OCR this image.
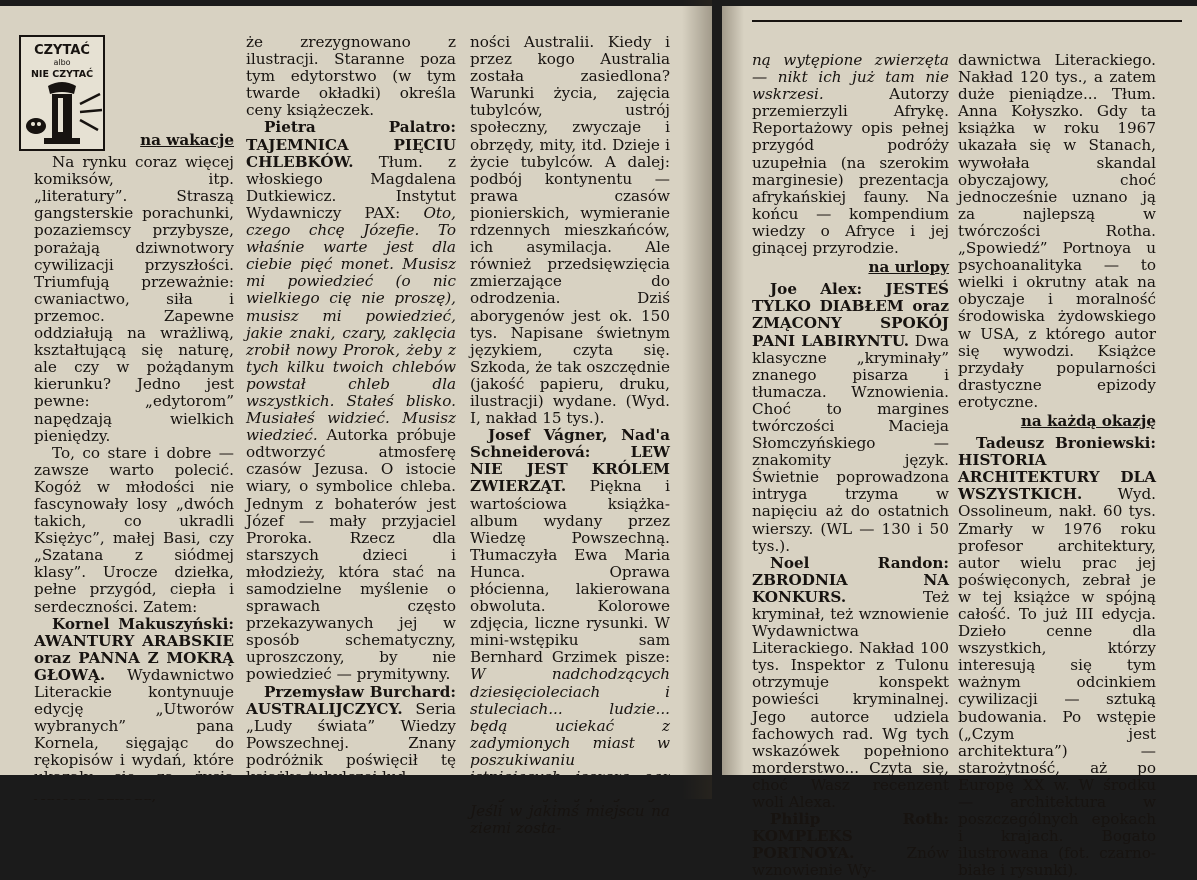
CZYTAĆ
albo
NIE CZYTAĆ

na wakacje

Na rynku coraz więcej komiksów, itp. „literatury”. Straszą gangsterskie porachunki, pozaziemscy przybysze, porażają dziwnotwory cywilizacji przyszłości. Triumfują przeważnie: cwaniactwo, siła i przemoc. Zapewne oddziałują na wrażliwą, kształtującą się naturę, ale czy w pożądanym kierunku? Jedno jest pewne: „edytorom” napędzają wielkich pieniędzy.

To, co stare i dobre — zawsze warto polecić. Kogóż w młodości nie fascynowały losy „dwóch takich, co ukradli Księżyc”, małej Basi, czy „Szatana z siódmej klasy”. Urocze dziełka, pełne przygód, ciepła i serdeczności. Zatem:

Kornel Makuszyński: AWANTURY ARABSKIE oraz PANNA Z MOKRĄ GŁOWĄ. Wydawnictwo Literackie kontynuuje edycję „Utworów wybranych” pana Kornela, sięgając do rękopisów i wydań, które

że zrezygnowano z ilustracji. Staranne poza tym edytorstwo (w tym twarde okładki) określa ceny książeczek.

Pietra Palatro: TAJEMNICA PIĘCIU CHLEBKÓW. Tłum. z włoskiego Magdalena Dutkiewicz. Instytut Wydawniczy PAX: Oto, czego chcę Józefie. To właśnie warte jest dla ciebie pięć monet. Musisz mi powiedzieć (o nic wielkiego cię nie proszę), musisz mi powiedzieć, jakie znaki, czary, zaklęcia zrobił nowy Prorok, żeby z tych kilku twoich chlebów powstał chleb dla wszystkich. Stałeś blisko. Musiałeś widzieć. Musisz wiedzieć. Autorka próbuje odtworzyć atmosferę czasów Jezusa. O istocie wiary, o symbolice chleba. Jednym z bohaterów jest Józef — mały przyjaciel Proroka. Rzecz dla starszych dzieci i młodzieży, która stać na samodzielne myślenie o sprawach często przekazywanych jej w sposób schematyczny, uproszczony, by nie powiedzieć — prymitywny.

Przemysław Burchard: AUSTRALIJCZYCY. Seria „Ludy świata” Wiedzy Powszechnej. Znany podróżnik poświęcił tę

ności Australii. Kiedy i przez kogo Australia została zasiedlona? Warunki życia, zajęcia tubylców, ustrój społeczny, zwyczaje i obrzędy, mity, itd. Dzieje i życie tubylców. A dalej: podbój kontynentu — prawa czasów pionierskich, wymieranie rdzennych mieszkańców, ich asymilacja. Ale również przedsięwzięcia zmierzające do odrodzenia. Dziś aborygenów jest ok. 150 tys. Napisane świetnym językiem, czyta się. Szkoda, że tak oszczędnie (jakość papieru, druku, ilustracji) wydane. (Wyd. I, nakład 15 tys.).

Josef Vágner, Nad'a Schneiderová: LEW NIE JEST KRÓLEM ZWIERZĄT. Piękna i wartościowa książka-album wydany przez Wiedzę Powszechną. Tłumaczyła Ewa Maria Hunca. Oprawa płócienna, lakierowana obwoluta. Kolorowe zdjęcia, liczne rysunki. W mini-wstępiku sam Bernhard Grzimek pisze: W nadchodzących dziesięcioleciach i stuleciach... ludzie... będą uciekać z zadymionych miast w poszukiwaniu Jeśli w jakimś miejscu na ziemi zosta-

ną wytępione zwierzęta — nikt ich już tam nie wskrzesi. Autorzy przemierzyli Afrykę. Reportażowy opis pełnej przygód podróży uzupełnia (na szerokim marginesie) prezentacja afrykańskiej fauny. Na końcu — kompendium wiedzy o Afryce i jej ginącej przyrodzie.

na urlopy

Joe Alex: JESTEŚ TYLKO DIABŁEM oraz ZMĄCONY SPOKÓJ PANI LABIRYNTU. Dwa klasyczne „kryminały” znanego pisarza i tłumacza. Wznowienia. Choć to margines twórczości Macieja Słomczyńskiego — znakomity język. Świetnie poprowadzona intryga trzyma w napięciu aż do ostatnich wierszy. (WL — 130 i 50 tys.).

Noel Randon: ZBRODNIA NA KONKURS. Też kryminał, też wznowienie Wydawnictwa Literackiego. Nakład 100 tys. Inspektor z Tulonu otrzymuje konspekt powieści kryminalnej. Jego autorce udziela fachowych rad. Wg tych wskazówek popełniono morderstwo... Czyta się, choć Wasz recenzent woli Alexa.

Philip Roth: KOMPLEKS PORTNOYA. Znów wznowienie Wy-

dawnictwa Literackiego. Nakład 120 tys., a zatem duże pieniądze... Tłum. Anna Kołyszko. Gdy ta książka w roku 1967 ukazała się w Stanach, wywołała skandal obyczajowy, choć jednocześnie uznano ją za najlepszą w twórczości Rotha. „Spowiedź” Portnoya u psychoanalityka — to wielki i okrutny atak na obyczaje i moralność środowiska żydowskiego w USA, z którego autor się wywodzi. Książce przydały popularności drastyczne epizody erotyczne.

na każdą okazję

Tadeusz Broniewski: HISTORIA ARCHITEKTURY DLA WSZYSTKICH. Wyd. Ossolineum, nakł. 60 tys. Zmarły w 1976 roku profesor architektury, autor wielu prac jej poświęconych, zebrał je w tej książce w spójną całość. To już III edycja. Dzieło cenne dla wszystkich, którzy interesują się tym ważnym odcinkiem cywilizacji — sztuką budowania. Po wstępie („Czym jest architektura”) — starożytność, aż po Europę XX w. W środku — architektura w poszczególnych epokach i krajach. Bogato ilustrowana (fot. czarno-białe i rysunki).
